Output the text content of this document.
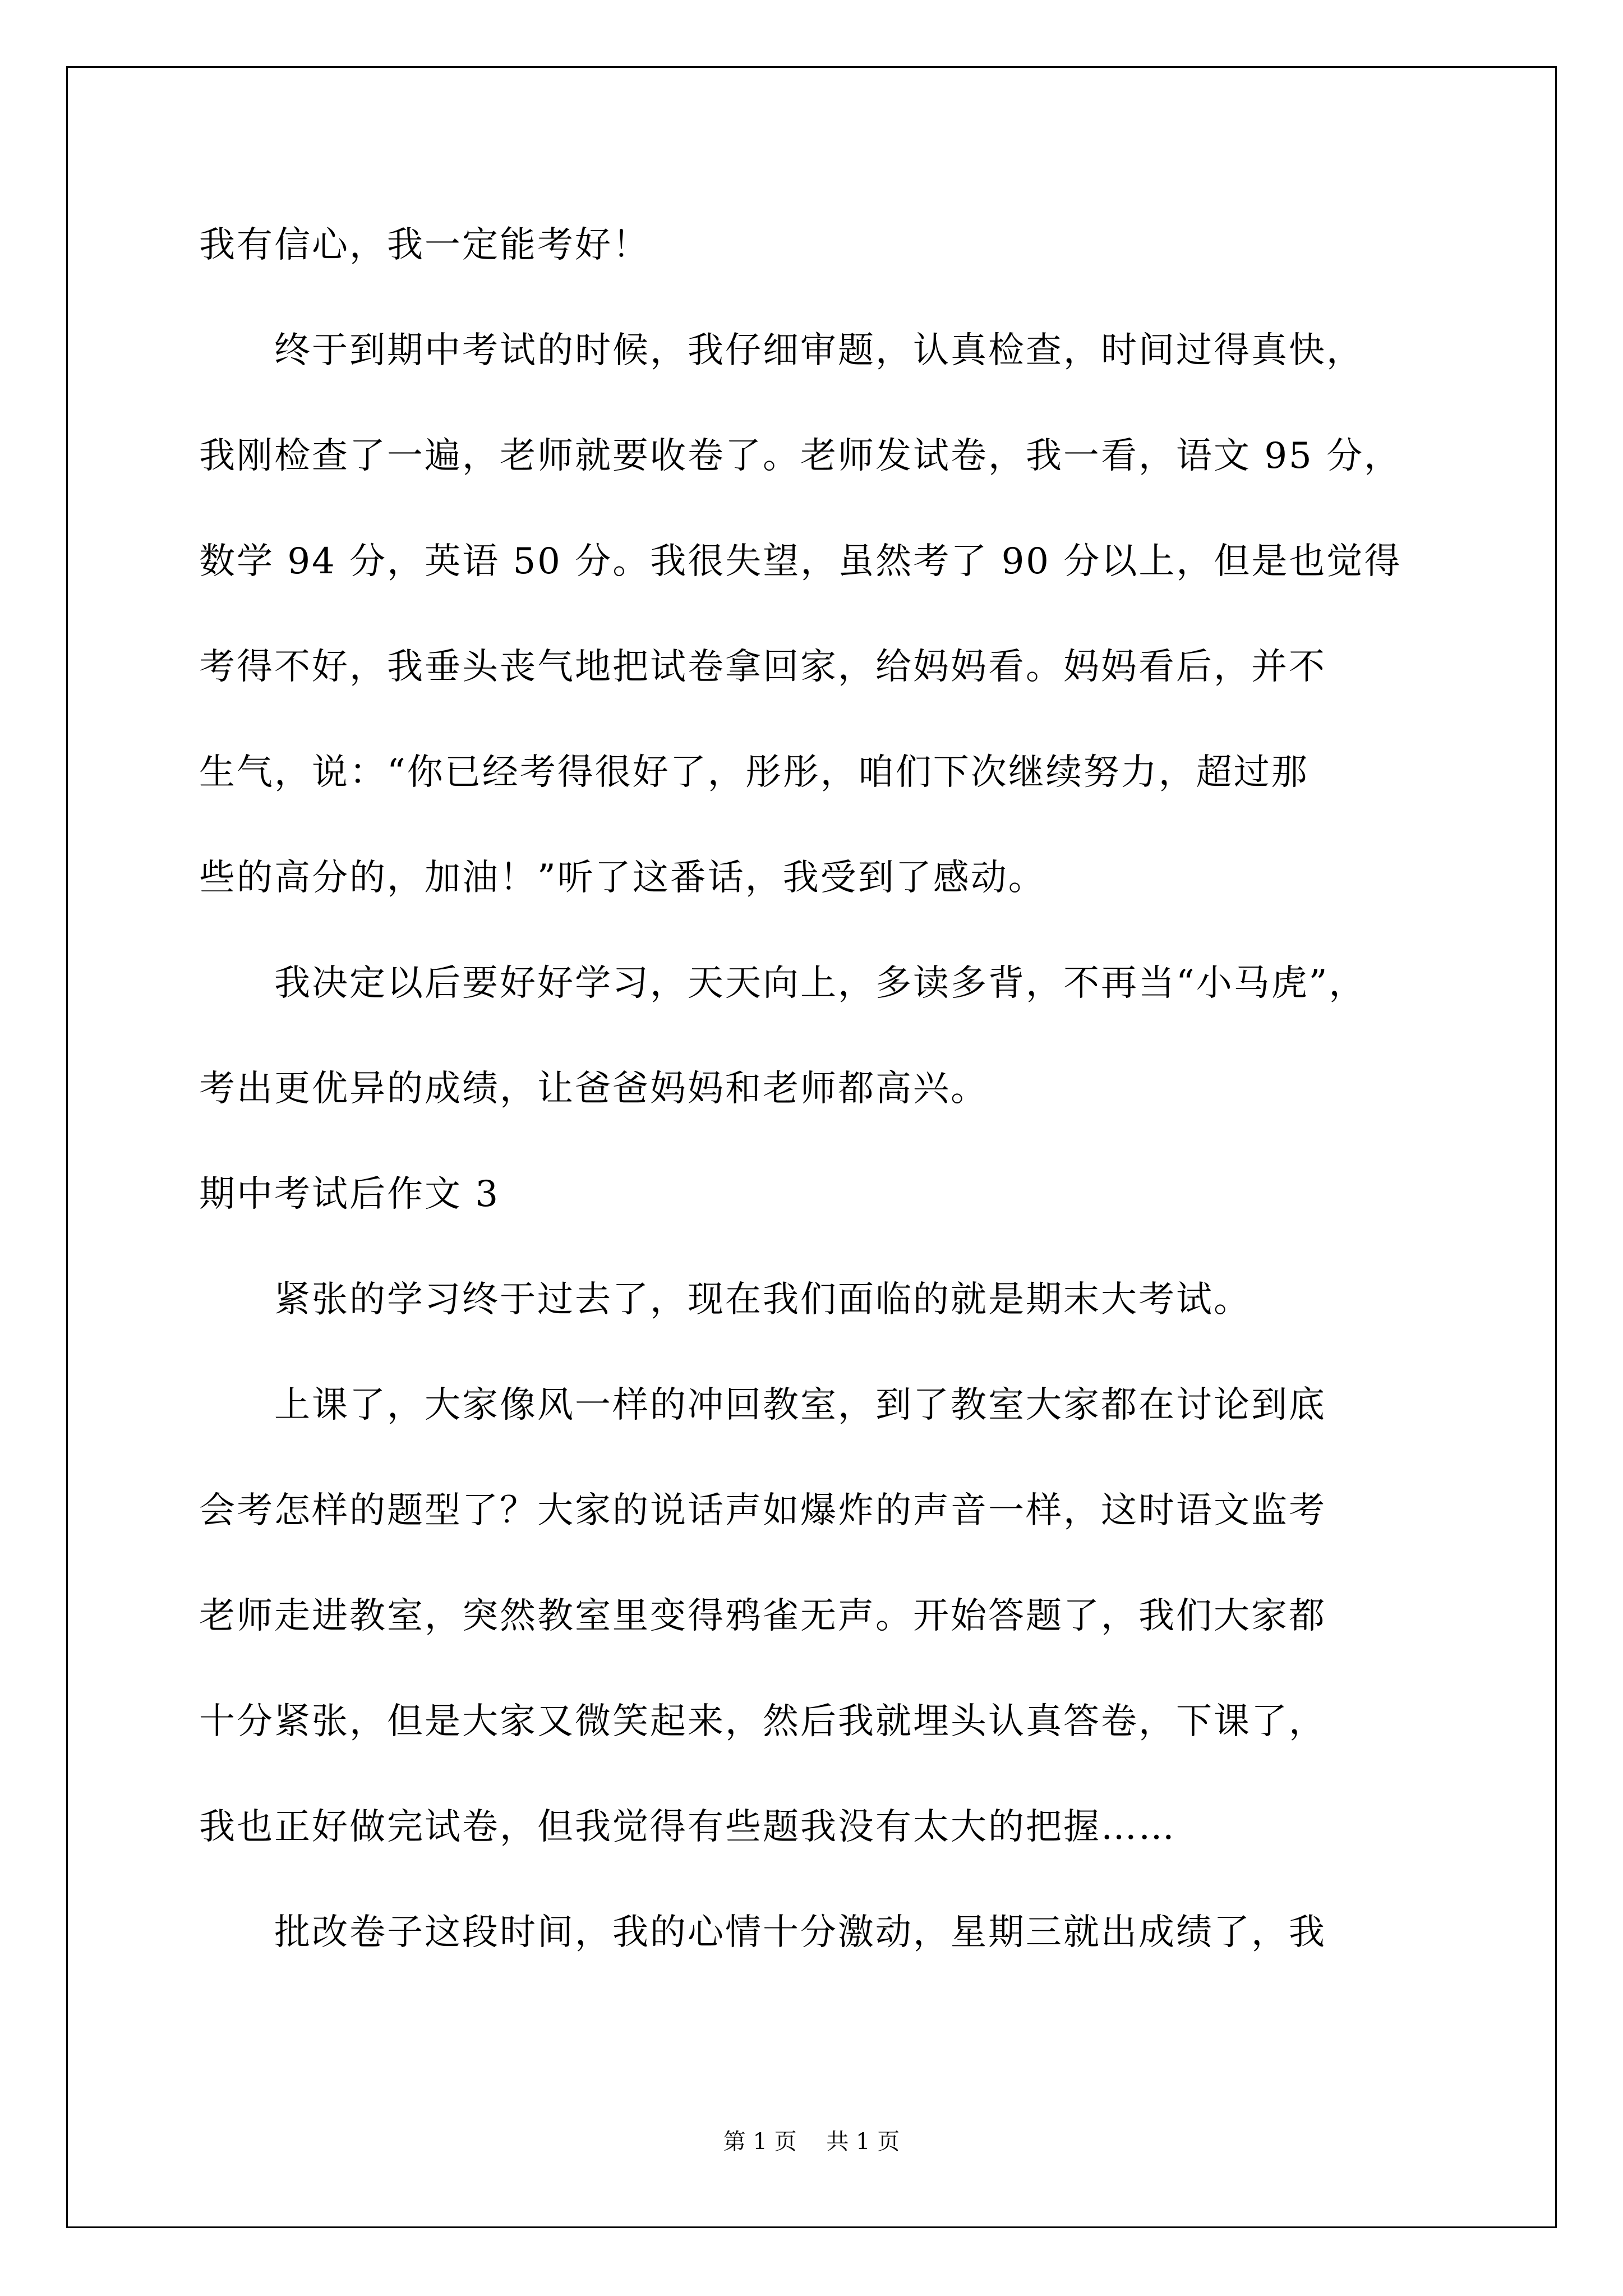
我有信心，我一定能考好！
　　终于到期中考试的时候，我仔细审题，认真检查，时间过得真快，
我刚检查了一遍，老师就要收卷了。老师发试卷，我一看，语文 95 分，
数学 94 分，英语 50 分。我很失望，虽然考了 90 分以上，但是也觉得
考得不好，我垂头丧气地把试卷拿回家，给妈妈看。妈妈看后，并不
生气，说：“你已经考得很好了，彤彤，咱们下次继续努力，超过那
些的高分的，加油！”听了这番话，我受到了感动。
　　我决定以后要好好学习，天天向上，多读多背，不再当“小马虎”，
考出更优异的成绩，让爸爸妈妈和老师都高兴。
期中考试后作文 3
　　紧张的学习终于过去了，现在我们面临的就是期末大考试。
　　上课了，大家像风一样的冲回教室，到了教室大家都在讨论到底
会考怎样的题型了？大家的说话声如爆炸的声音一样，这时语文监考
老师走进教室，突然教室里变得鸦雀无声。开始答题了，我们大家都
十分紧张，但是大家又微笑起来，然后我就埋头认真答卷，下课了，
我也正好做完试卷，但我觉得有些题我没有太大的把握……
　　批改卷子这段时间，我的心情十分激动，星期三就出成绩了，我
第 1 页　 共 1 页
